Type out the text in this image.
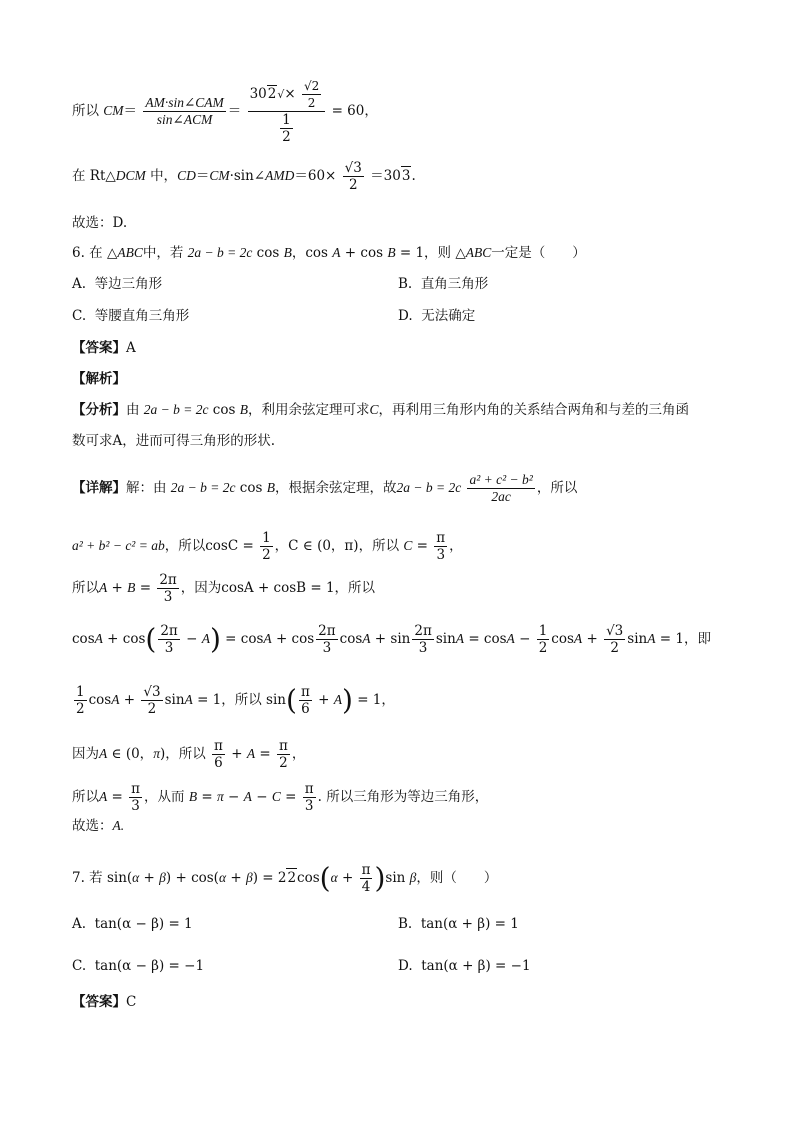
所以 $CM= \frac{\text{AM·sin∠CAM}}{\text{sin∠ACM}} = \frac{302√\times \frac{√2}{2}}{\frac{1}{2}} = 60$，
在 Rt△DCM 中，CD＝CM·sin∠AMD＝60× $\frac{√3}{2} =303$.
故选：D.
6. 在 △ABC中，若 2a − b = 2c cos B，cos A + cos B = 1，则 △ABC一定是（　　）
A. 等边三角形	B. 直角三角形
C. 等腰直角三角形	D. 无法确定
【答案】A
【解析】
【分析】由 2a − b = 2c cos B，利用余弦定理可求C，再利用三角形内角的关系结合两角和与差的三角函
数可求A，进而可得三角形的形状.
【详解】解：由 2a − b = 2c cos B，根据余弦定理，故$2a - b = 2c \frac{\text{a² + c² − b²}}{2ac}$ ，所以
a² + b² − c² = ab，所以$\cos C = \frac{1}{2}$ ，C ∈ (0，π)，所以 $C = \frac{\pi}{3}$ ，
所以$A + B = \frac{2\pi}{3}$ ，因为cosA + cosB = 1，所以
$\cos A + \cos( \frac{2\pi}{3} - A) = \cos A + \cos \frac{2\pi}{3}$ $\cos A + \sin \frac{2\pi}{3}$ $\sin A = \cos A - \frac{1}{2}$ $\cos A + \frac{√3}{2}$ sinA = 1，即
$\frac{1}{2}$ $\cos A + \frac{√3}{2}$ sinA = 1，所以 $\sin( \frac{\pi}{6} + A) = 1$，
因为A ∈ (0，π)，所以 $\frac{\pi}{6} + A = \frac{\pi}{2}$ ，
所以$A = \frac{\pi}{3}$ ，从而 $B = \pi - A - C = \frac{\pi}{3}$ . 所以三角形为等边三角形，
故选：A.
7. 若 $\sin(\alpha + \beta) + \cos(\alpha + \beta) = 22\cos(\alpha + \frac{\pi}{4} )\sin$ β，则（　　）
A. tan(α − β) = 1	B. tan(α + β) = 1
C. tan(α − β) = −1	D. tan(α + β) = −1
【答案】C
